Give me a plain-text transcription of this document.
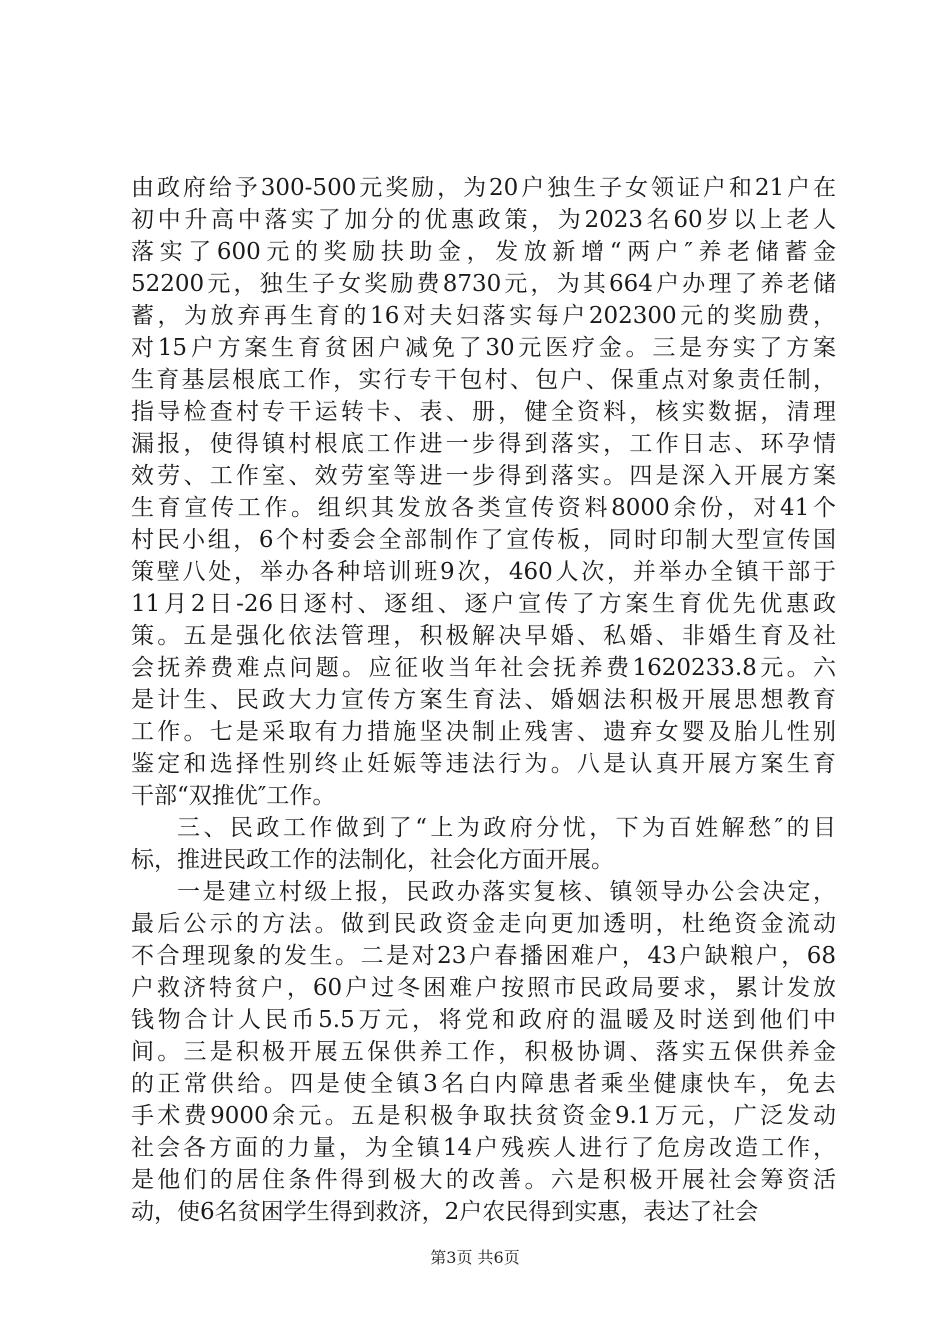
由政府给予300-500元奖励，为20户独生子女领证户和21户在
初中升高中落实了加分的优惠政策，为2023名60岁以上老人
落实了600元的奖励扶助金，发放新增“两户″养老储蓄金
52200元，独生子女奖励费8730元，为其664户办理了养老储
蓄，为放弃再生育的16对夫妇落实每户202300元的奖励费，
对15户方案生育贫困户减免了30元医疗金。三是夯实了方案
生育基层根底工作，实行专干包村、包户、保重点对象责任制，
指导检查村专干运转卡、表、册，健全资料，核实数据，清理
漏报，使得镇村根底工作进一步得到落实，工作日志、环孕情
效劳、工作室、效劳室等进一步得到落实。四是深入开展方案
生育宣传工作。组织其发放各类宣传资料8000余份，对41个
村民小组，6个村委会全部制作了宣传板，同时印制大型宣传国
策壁八处，举办各种培训班9次，460人次，并举办全镇干部于
11月2日-26日逐村、逐组、逐户宣传了方案生育优先优惠政
策。五是强化依法管理，积极解决早婚、私婚、非婚生育及社
会抚养费难点问题。应征收当年社会抚养费1620233.8元。六
是计生、民政大力宣传方案生育法、婚姻法积极开展思想教育
工作。七是采取有力措施坚决制止残害、遗弃女婴及胎儿性别
鉴定和选择性别终止妊娠等违法行为。八是认真开展方案生育
干部“双推优″工作。
三、民政工作做到了“上为政府分忧，下为百姓解愁″的目
标，推进民政工作的法制化，社会化方面开展。
一是建立村级上报，民政办落实复核、镇领导办公会决定，
最后公示的方法。做到民政资金走向更加透明，杜绝资金流动
不合理现象的发生。二是对23户春播困难户，43户缺粮户，68
户救济特贫户，60户过冬困难户按照市民政局要求，累计发放
钱物合计人民币5.5万元，将党和政府的温暖及时送到他们中
间。三是积极开展五保供养工作，积极协调、落实五保供养金
的正常供给。四是使全镇3名白内障患者乘坐健康快车，免去
手术费9000余元。五是积极争取扶贫资金9.1万元，广泛发动
社会各方面的力量，为全镇14户残疾人进行了危房改造工作，
是他们的居住条件得到极大的改善。六是积极开展社会筹资活
动，使6名贫困学生得到救济，2户农民得到实惠，表达了社会
第3页 共6页
